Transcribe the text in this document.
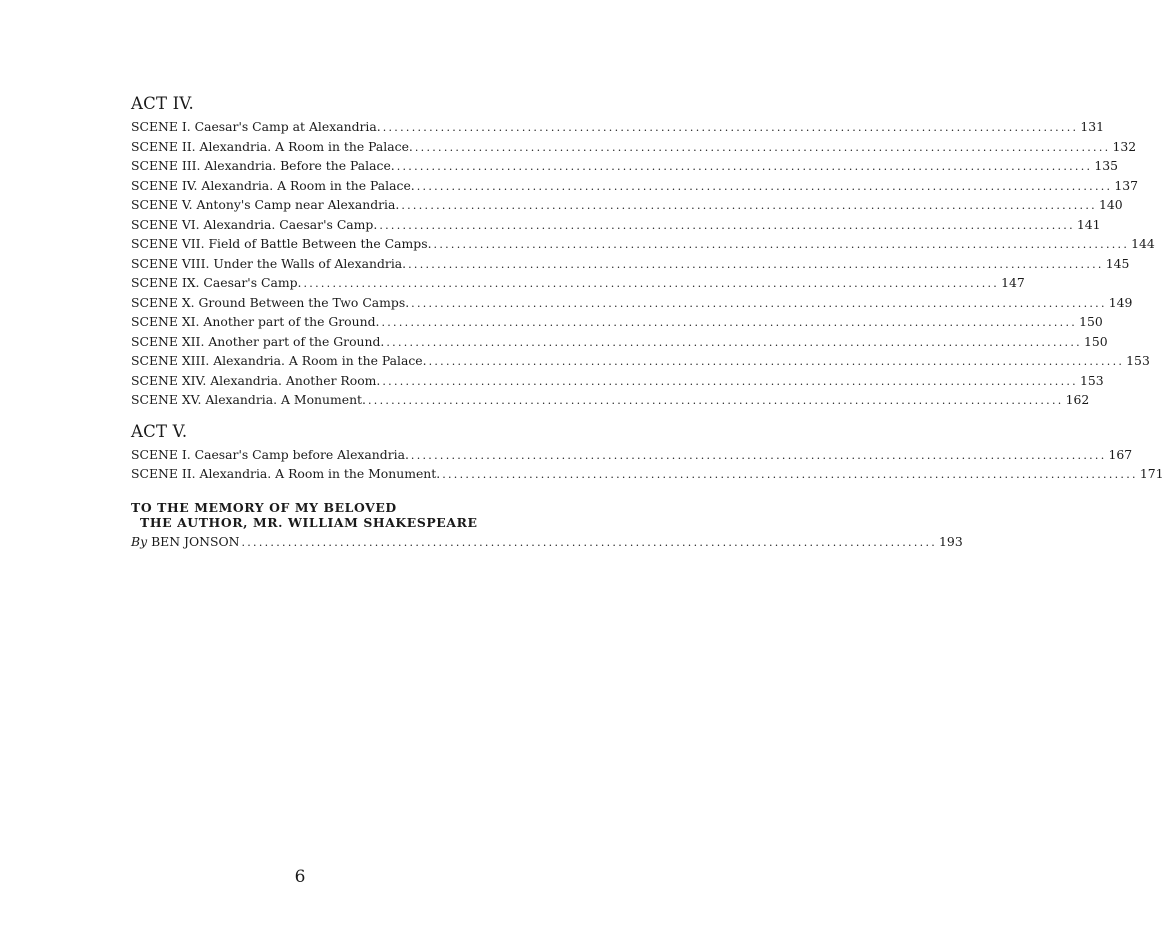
ACT IV.
SCENE I. Caesar's Camp at Alexandria. .....	131
SCENE II. Alexandria. A Room in the Palace. .....	132
SCENE III. Alexandria. Before the Palace. .....	135
SCENE IV. Alexandria. A Room in the Palace. .....	137
SCENE V. Antony's Camp near Alexandria. .....	140
SCENE VI. Alexandria. Caesar's Camp. .....	141
SCENE VII. Field of Battle Between the Camps. .....	144
SCENE VIII. Under the Walls of Alexandria. .....	145
SCENE IX. Caesar's Camp. .....	147
SCENE X. Ground Between the Two Camps. .....	149
SCENE XI. Another part of the Ground. .....	150
SCENE XII. Another part of the Ground. .....	150
SCENE XIII. Alexandria. A Room in the Palace. .....	153
SCENE XIV. Alexandria. Another Room. .....	153
SCENE XV. Alexandria. A Monument. .....	162
ACT V.
SCENE I. Caesar's Camp before Alexandria. .....	167
SCENE II. Alexandria. A Room in the Monument. .....	171
TO THE MEMORY OF MY BELOVED
THE AUTHOR, MR. WILLIAM SHAKESPEARE
By BEN JONSON .....	193
6
